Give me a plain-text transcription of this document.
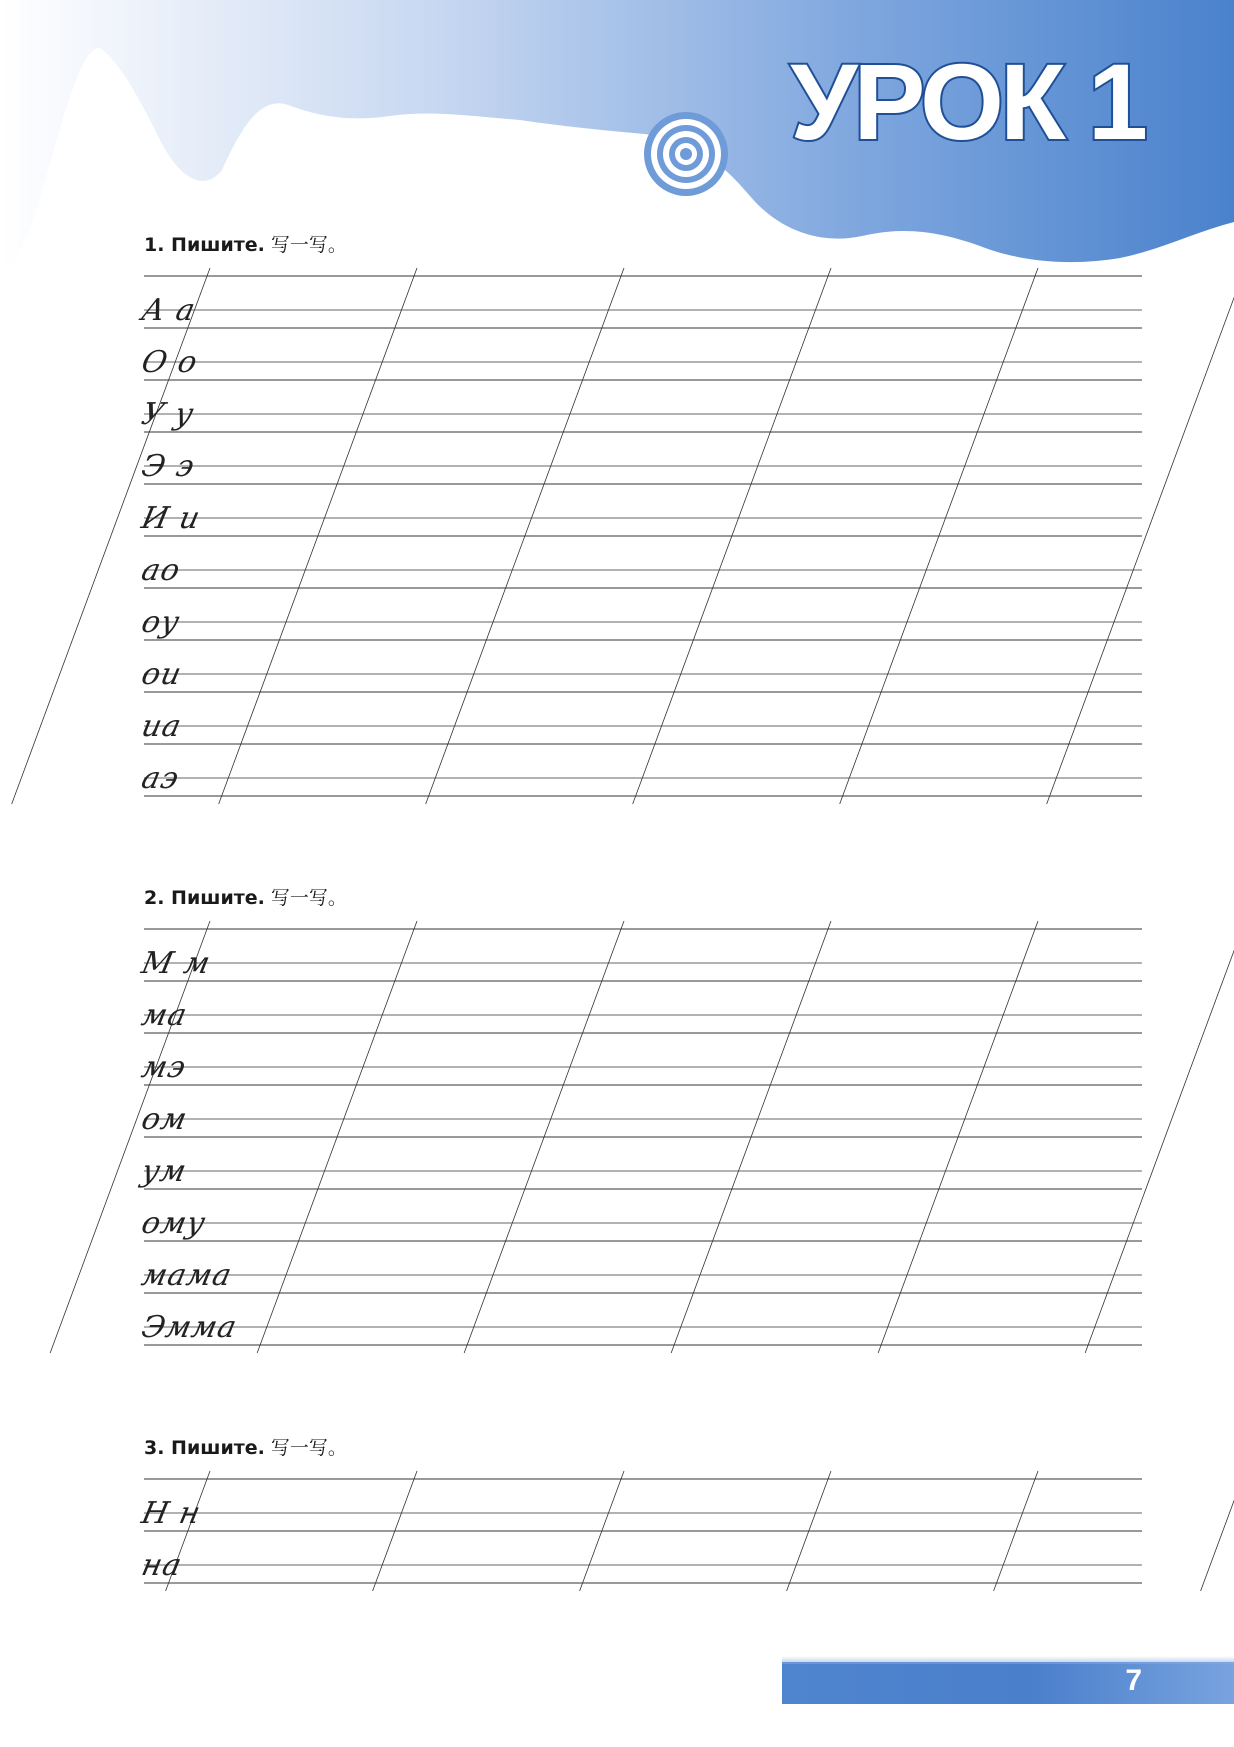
УРОК 1
1. Пишите. 写一写。
А а
О о
У у
Э э
И и
ао
оу
ои
иа
аэ
2. Пишите. 写一写。
М м
ма
мэ
ом
ум
ому
мама
Эмма
3. Пишите. 写一写。
Н н
на
7
